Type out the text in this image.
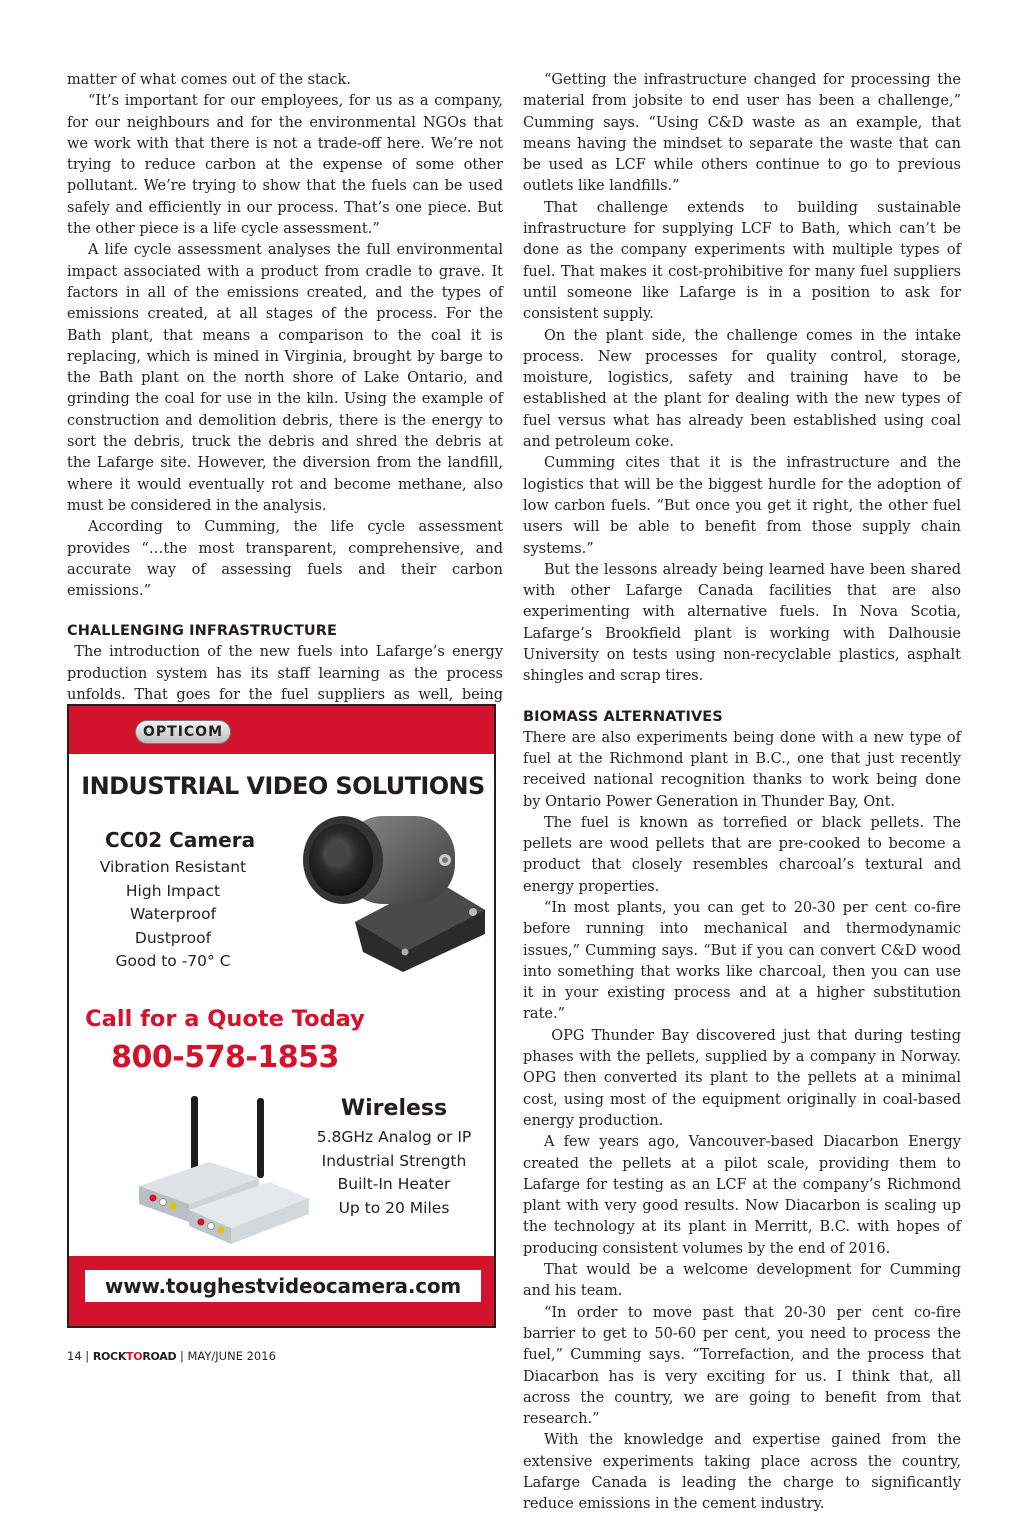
matter of what comes out of the stack.

“It’s important for our employees, for us as a company, for our neighbours and for the environmental NGOs that we work with that there is not a trade-off here. We’re not trying to reduce carbon at the expense of some other pollutant. We’re trying to show that the fuels can be used safely and efficiently in our process. That’s one piece. But the other piece is a life cycle assessment.”

A life cycle assessment analyses the full environmental impact associated with a product from cradle to grave. It factors in all of the emissions created, and the types of emissions created, at all stages of the process. For the Bath plant, that means a comparison to the coal it is replacing, which is mined in Virginia, brought by barge to the Bath plant on the north shore of Lake Ontario, and grinding the coal for use in the kiln. Using the example of construction and demolition debris, there is the energy to sort the debris, truck the debris and shred the debris at the Lafarge site. However, the diversion from the landfill, where it would eventually rot and become methane, also must be considered in the analysis.

According to Cumming, the life cycle assessment provides “…the most transparent, comprehensive, and accurate way of assessing fuels and their carbon emissions.”

CHALLENGING INFRASTRUCTURE

The introduction of the new fuels into Lafarge’s energy production system has its staff learning as the process unfolds. That goes for the fuel suppliers as well, being

“Getting the infrastructure changed for processing the material from jobsite to end user has been a challenge,” Cumming says. “Using C&D waste as an example, that means having the mindset to separate the waste that can be used as LCF while others continue to go to previous outlets like landfills.”

That challenge extends to building sustainable infrastructure for supplying LCF to Bath, which can’t be done as the company experiments with multiple types of fuel. That makes it cost-prohibitive for many fuel suppliers until someone like Lafarge is in a position to ask for consistent supply.

On the plant side, the challenge comes in the intake process. New processes for quality control, storage, moisture, logistics, safety and training have to be established at the plant for dealing with the new types of fuel versus what has already been established using coal and petroleum coke.

Cumming cites that it is the infrastructure and the logistics that will be the biggest hurdle for the adoption of low carbon fuels. “But once you get it right, the other fuel users will be able to benefit from those supply chain systems.”

But the lessons already being learned have been shared with other Lafarge Canada facilities that are also experimenting with alternative fuels. In Nova Scotia, Lafarge’s Brookfield plant is working with Dalhousie University on tests using non-recyclable plastics, asphalt shingles and scrap tires.

BIOMASS ALTERNATIVES

There are also experiments being done with a new type of fuel at the Richmond plant in B.C., one that just recently received national recognition thanks to work being done by Ontario Power Generation in Thunder Bay, Ont.

The fuel is known as torrefied or black pellets. The pellets are wood pellets that are pre-cooked to become a product that closely resembles charcoal’s textural and energy properties.

“In most plants, you can get to 20-30 per cent co-fire before running into mechanical and thermodynamic issues,” Cumming says. “But if you can convert C&D wood into something that works like charcoal, then you can use it in your existing process and at a higher substitution rate.”

OPG Thunder Bay discovered just that during testing phases with the pellets, supplied by a company in Norway. OPG then converted its plant to the pellets at a minimal cost, using most of the equipment originally in coal-based energy production.

A few years ago, Vancouver-based Diacarbon Energy created the pellets at a pilot scale, providing them to Lafarge for testing as an LCF at the company’s Richmond plant with very good results. Now Diacarbon is scaling up the technology at its plant in Merritt, B.C. with hopes of producing consistent volumes by the end of 2016.

That would be a welcome development for Cumming and his team.

“In order to move past that 20-30 per cent co-fire barrier to get to 50-60 per cent, you need to process the fuel,” Cumming says. “Torrefaction, and the process that Diacarbon has is very exciting for us. I think that, all across the country, we are going to benefit from that research.”

With the knowledge and expertise gained from the extensive experiments taking place across the country, Lafarge Canada is leading the charge to significantly reduce emissions in the cement industry.

OPTICOM
INDUSTRIAL VIDEO SOLUTIONS
CC02 Camera
Vibration Resistant
High Impact
Waterproof
Dustproof
Good to -70° C
Call for a Quote Today
800-578-1853
Wireless
5.8GHz Analog or IP
Industrial Strength
Built-In Heater
Up to 20 Miles
www.toughestvideocamera.com
14 | ROCKTOROAD | MAY/JUNE 2016
